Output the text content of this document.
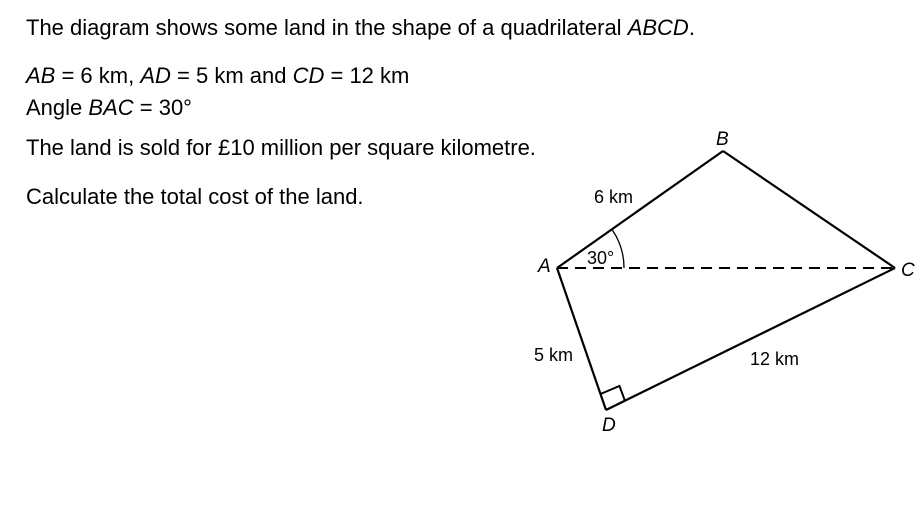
The diagram shows some land in the shape of a quadrilateral ABCD.
AB = 6 km, AD = 5 km and CD = 12 km
Angle BAC = 30°
The land is sold for £10 million per square kilometre.
Calculate the total cost of the land.
A
B
C
D
6 km
5 km	12 km
30°
